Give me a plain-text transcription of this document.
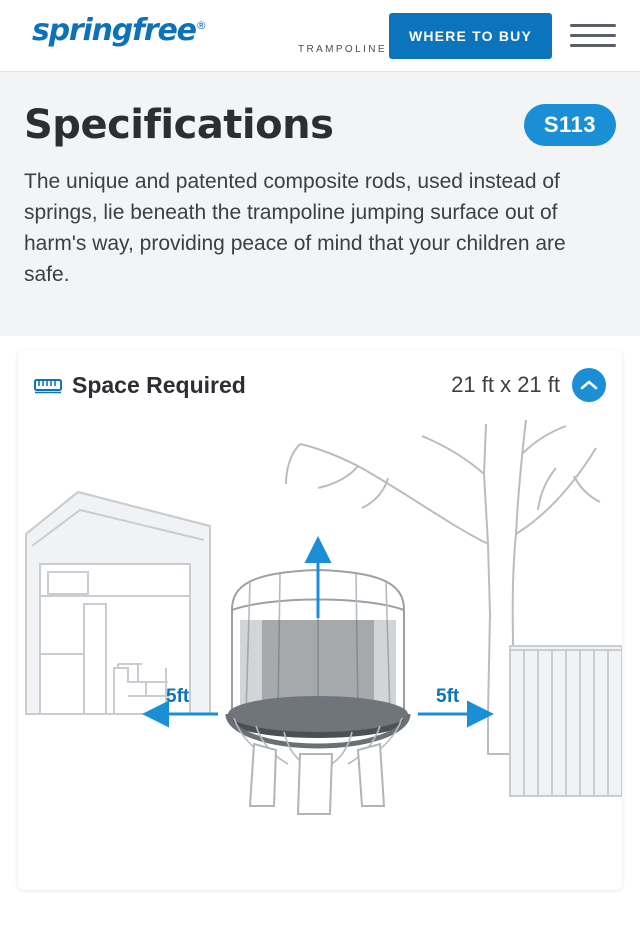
springfree®
TRAMPOLINE
WHERE TO BUY
Specifications	S113

The unique and patented composite rods, used instead of springs, lie beneath the trampoline jumping surface out of harm's way, providing peace of mind that your children are safe.

Space Required	21 ft x 21 ft
5ft	5ft
